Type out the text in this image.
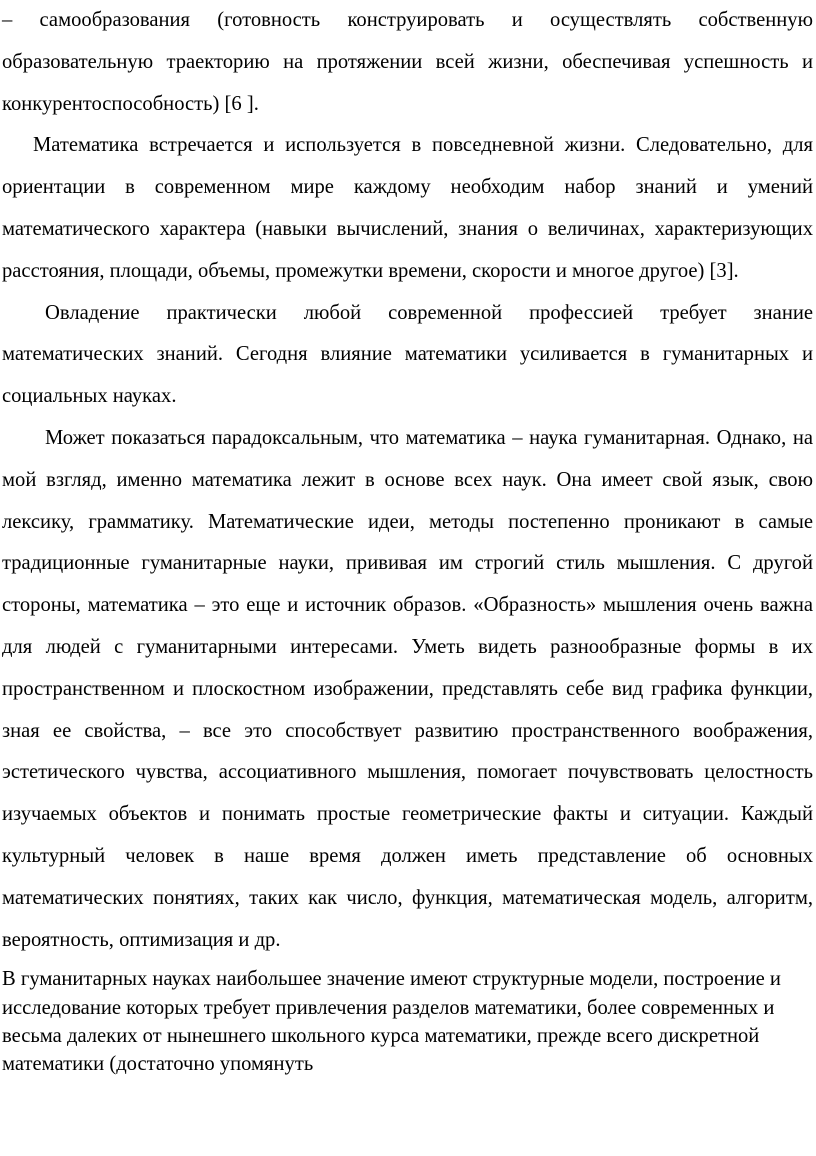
– самообразования (готовность конструировать и осуществлять собственную образовательную траекторию на протяжении всей жизни, обеспечивая успешность и конкурентоспособность) [6 ].

Математика встречается и используется в повседневной жизни. Следовательно, для ориентации в современном мире каждому необходим набор знаний и умений математического характера (навыки вычислений, знания о величинах, характеризующих расстояния, площади, объемы, промежутки времени, скорости и многое другое) [3].

Овладение практически любой современной профессией требует знание математических знаний. Сегодня влияние математики усиливается в гуманитарных и социальных науках.

Может показаться парадоксальным, что математика – наука гуманитарная. Однако, на мой взгляд, именно математика лежит в основе всех наук. Она имеет свой язык, свою лексику, грамматику. Математические идеи, методы постепенно проникают в самые традиционные гуманитарные науки, прививая им строгий стиль мышления. С другой стороны, математика – это еще и источник образов. «Образность» мышления очень важна для людей с гуманитарными интересами. Уметь видеть разнообразные формы в их пространственном и плоскостном изображении, представлять себе вид графика функции, зная ее свойства, – все это способствует развитию пространственного воображения, эстетического чувства, ассоциативного мышления, помогает почувствовать целостность изучаемых объектов и понимать простые геометрические факты и ситуации. Каждый культурный человек в наше время должен иметь представление об основных математических понятиях, таких как число, функция, математическая модель, алгоритм, вероятность, оптимизация и др.

В гуманитарных науках наибольшее значение имеют структурные модели, построение и исследование которых требует привлечения разделов математики, более современных и весьма далеких от нынешнего школьного курса математики, прежде всего дискретной математики (достаточно упомянуть
